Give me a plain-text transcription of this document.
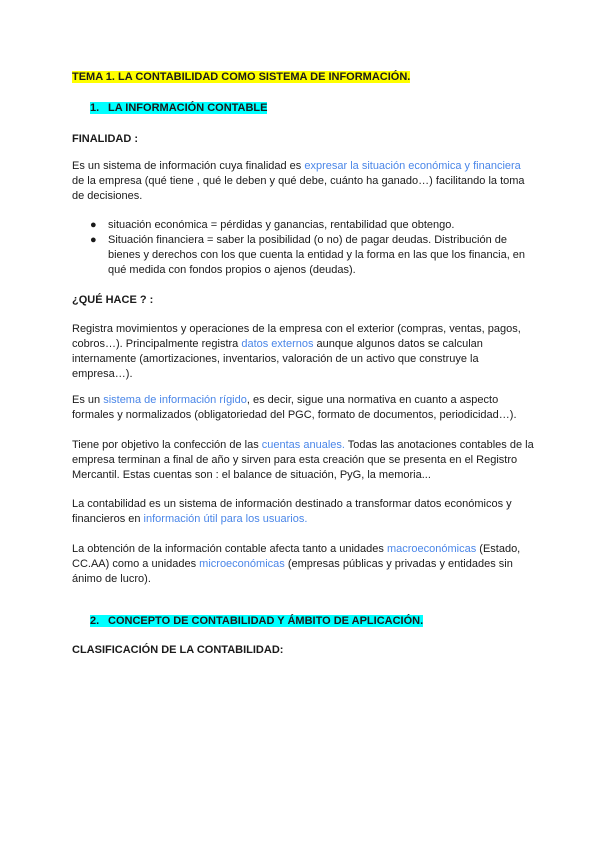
TEMA 1. LA CONTABILIDAD COMO SISTEMA DE INFORMACIÓN.
1. LA INFORMACIÓN CONTABLE
FINALIDAD :
Es un sistema de información cuya finalidad es expresar la situación económica y financiera de la empresa (qué tiene , qué le deben y qué debe, cuánto ha ganado…) facilitando la toma de decisiones.
● situación económica = pérdidas y ganancias, rentabilidad que obtengo.
● Situación financiera = saber la posibilidad (o no) de pagar deudas. Distribución de bienes y derechos con los que cuenta la entidad y la forma en las que los financia, en qué medida con fondos propios o ajenos (deudas).
¿QUÉ HACE ? :
Registra movimientos y operaciones de la empresa con el exterior (compras, ventas, pagos, cobros…). Principalmente registra datos externos aunque algunos datos se calculan internamente (amortizaciones, inventarios, valoración de un activo que construye la empresa…).
Es un sistema de información rígido, es decir, sigue una normativa en cuanto a aspecto formales y normalizados (obligatoriedad del PGC, formato de documentos, periodicidad…).
Tiene por objetivo la confección de las cuentas anuales. Todas las anotaciones contables de la empresa terminan a final de año y sirven para esta creación que se presenta en el Registro Mercantil. Estas cuentas son : el balance de situación, PyG, la memoria...
La contabilidad es un sistema de información destinado a transformar datos económicos y financieros en información útil para los usuarios.
La obtención de la información contable afecta tanto a unidades macroeconómicas (Estado, CC.AA) como a unidades microeconómicas (empresas públicas y privadas y entidades sin ánimo de lucro).
2. CONCEPTO DE CONTABILIDAD Y ÁMBITO DE APLICACIÓN.
CLASIFICACIÓN DE LA CONTABILIDAD:
